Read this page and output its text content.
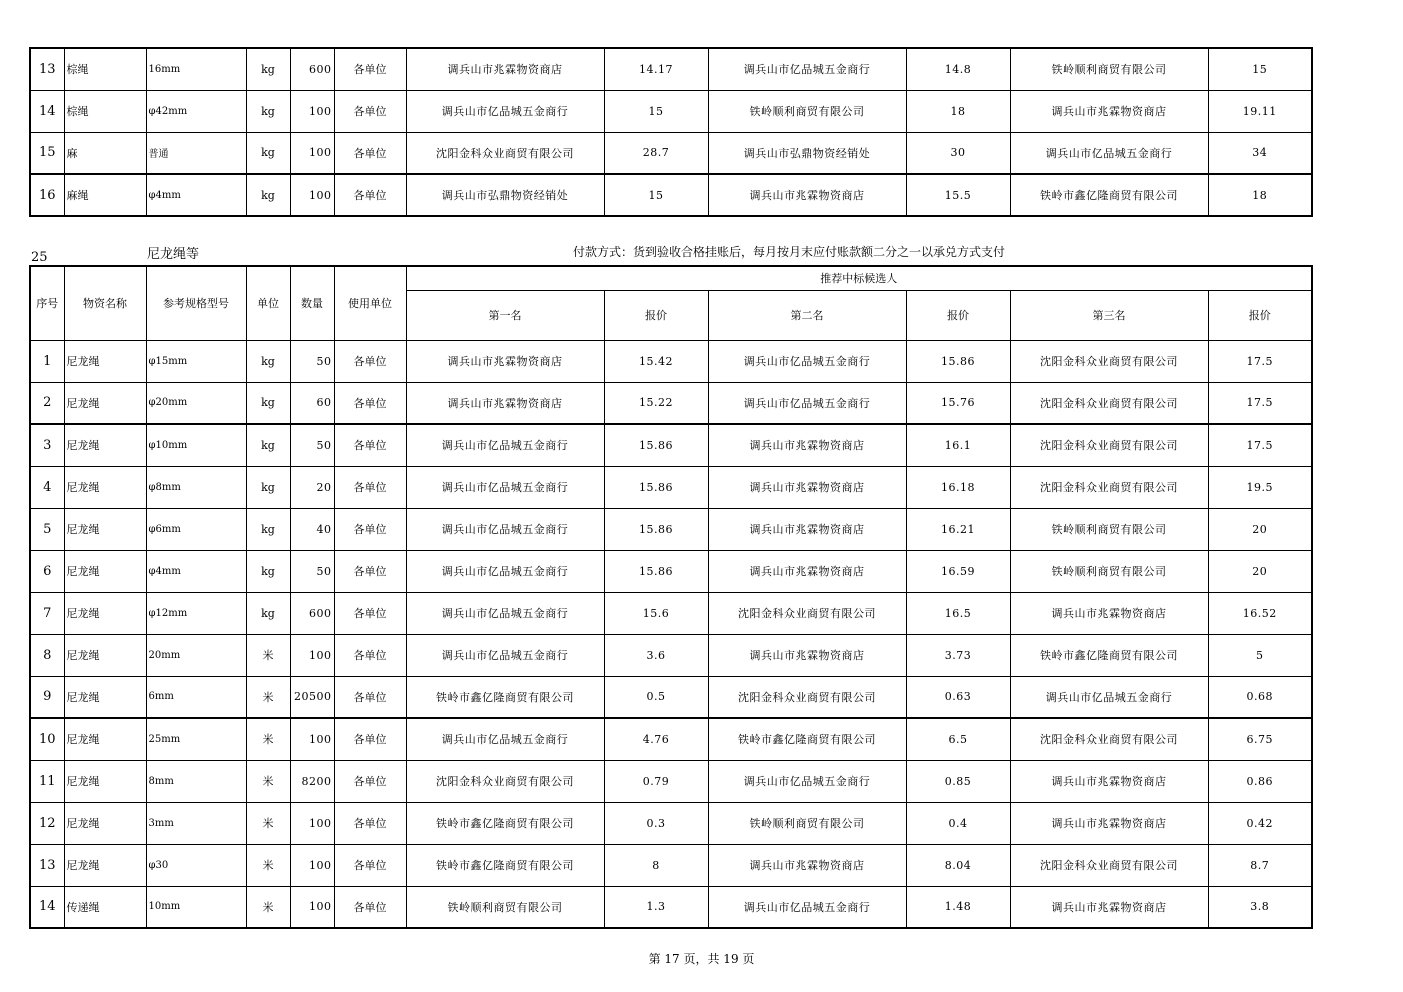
13	棕绳	16mm	kg	600	各单位	调兵山市兆霖物资商店	14.17	调兵山市亿品城五金商行	14.8	铁岭顺利商贸有限公司	15
14	棕绳	φ42mm	kg	100	各单位	调兵山市亿品城五金商行	15	铁岭顺利商贸有限公司	18	调兵山市兆霖物资商店	19.11
15	麻	普通	kg	100	各单位	沈阳金科众业商贸有限公司	28.7	调兵山市弘鼎物资经销处	30	调兵山市亿品城五金商行	34
16	麻绳	φ4mm	kg	100	各单位	调兵山市弘鼎物资经销处	15	调兵山市兆霖物资商店	15.5	铁岭市鑫亿隆商贸有限公司	18
25	尼龙绳等	付款方式：货到验收合格挂账后，每月按月末应付账款额二分之一以承兑方式支付
序号	物资名称	参考规格型号	单位	数量	使用单位	推荐中标候选人					
						第一名	报价	第二名	报价	第三名	报价
1	尼龙绳	φ15mm	kg	50	各单位	调兵山市兆霖物资商店	15.42	调兵山市亿品城五金商行	15.86	沈阳金科众业商贸有限公司	17.5
2	尼龙绳	φ20mm	kg	60	各单位	调兵山市兆霖物资商店	15.22	调兵山市亿品城五金商行	15.76	沈阳金科众业商贸有限公司	17.5
3	尼龙绳	φ10mm	kg	50	各单位	调兵山市亿品城五金商行	15.86	调兵山市兆霖物资商店	16.1	沈阳金科众业商贸有限公司	17.5
4	尼龙绳	φ8mm	kg	20	各单位	调兵山市亿品城五金商行	15.86	调兵山市兆霖物资商店	16.18	沈阳金科众业商贸有限公司	19.5
5	尼龙绳	φ6mm	kg	40	各单位	调兵山市亿品城五金商行	15.86	调兵山市兆霖物资商店	16.21	铁岭顺利商贸有限公司	20
6	尼龙绳	φ4mm	kg	50	各单位	调兵山市亿品城五金商行	15.86	调兵山市兆霖物资商店	16.59	铁岭顺利商贸有限公司	20
7	尼龙绳	φ12mm	kg	600	各单位	调兵山市亿品城五金商行	15.6	沈阳金科众业商贸有限公司	16.5	调兵山市兆霖物资商店	16.52
8	尼龙绳	20mm	米	100	各单位	调兵山市亿品城五金商行	3.6	调兵山市兆霖物资商店	3.73	铁岭市鑫亿隆商贸有限公司	5
9	尼龙绳	6mm	米	20500	各单位	铁岭市鑫亿隆商贸有限公司	0.5	沈阳金科众业商贸有限公司	0.63	调兵山市亿品城五金商行	0.68
10	尼龙绳	25mm	米	100	各单位	调兵山市亿品城五金商行	4.76	铁岭市鑫亿隆商贸有限公司	6.5	沈阳金科众业商贸有限公司	6.75
11	尼龙绳	8mm	米	8200	各单位	沈阳金科众业商贸有限公司	0.79	调兵山市亿品城五金商行	0.85	调兵山市兆霖物资商店	0.86
12	尼龙绳	3mm	米	100	各单位	铁岭市鑫亿隆商贸有限公司	0.3	铁岭顺利商贸有限公司	0.4	调兵山市兆霖物资商店	0.42
13	尼龙绳	φ30	米	100	各单位	铁岭市鑫亿隆商贸有限公司	8	调兵山市兆霖物资商店	8.04	沈阳金科众业商贸有限公司	8.7
14	传递绳	10mm	米	100	各单位	铁岭顺利商贸有限公司	1.3	调兵山市亿品城五金商行	1.48	调兵山市兆霖物资商店	3.8
第 17 页，共 19 页
